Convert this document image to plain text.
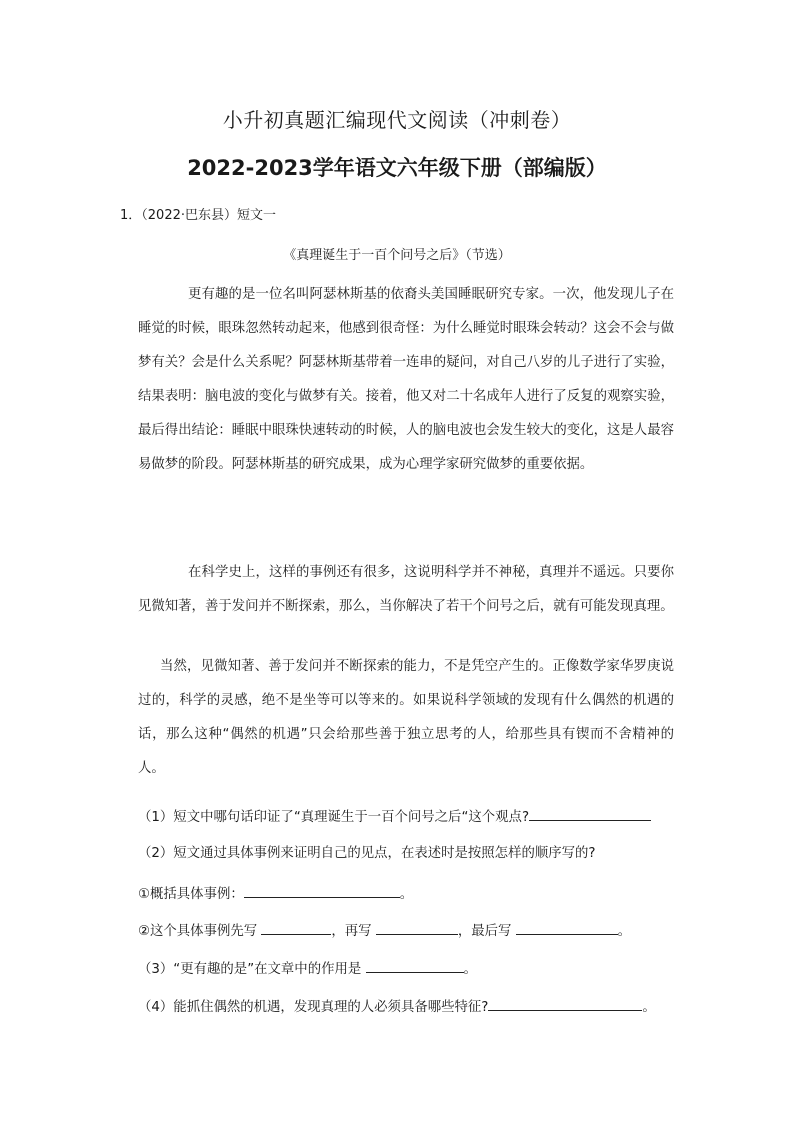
小升初真题汇编现代文阅读（冲刺卷）
2022-2023学年语文六年级下册（部编版）
1．（2022·巴东县）短文一
《真理诞生于一百个问号之后》（节选）

更有趣的是一位名叫阿瑟林斯基的依裔头美国睡眠研究专家。一次，他发现儿子在睡觉的时候，眼珠忽然转动起来，他感到很奇怪：为什么睡觉时眼珠会转动？这会不会与做梦有关？会是什么关系呢？阿瑟林斯基带着一连串的疑问，对自己八岁的儿子进行了实验，结果表明：脑电波的变化与做梦有关。接着，他又对二十名成年人进行了反复的观察实验，最后得出结论：睡眠中眼珠快速转动的时候，人的脑电波也会发生较大的变化，这是人最容易做梦的阶段。阿瑟林斯基的研究成果，成为心理学家研究做梦的重要依据。

在科学史上，这样的事例还有很多，这说明科学并不神秘，真理并不遥远。只要你见微知著，善于发问并不断探索，那么，当你解决了若干个问号之后，就有可能发现真理。

当然，见微知著、善于发问并不断探索的能力，不是凭空产生的。正像数学家华罗庚说过的，科学的灵感，绝不是坐等可以等来的。如果说科学领域的发现有什么偶然的机遇的话，那么这种“偶然的机遇”只会给那些善于独立思考的人，给那些具有锲而不舍精神的人。

（1）短文中哪句话印证了“真理诞生于一百个问号之后“这个观点?
（2）短文通过具体事例来证明自己的见点，在表述时是按照怎样的顺序写的?
①概括具体事例：	。
②这个具体事例先写	，再写	，最后写	。
（3）“更有趣的是”在文章中的作用是	。
（4）能抓住偶然的机遇，发现真理的人必须具备哪些特征?	。
